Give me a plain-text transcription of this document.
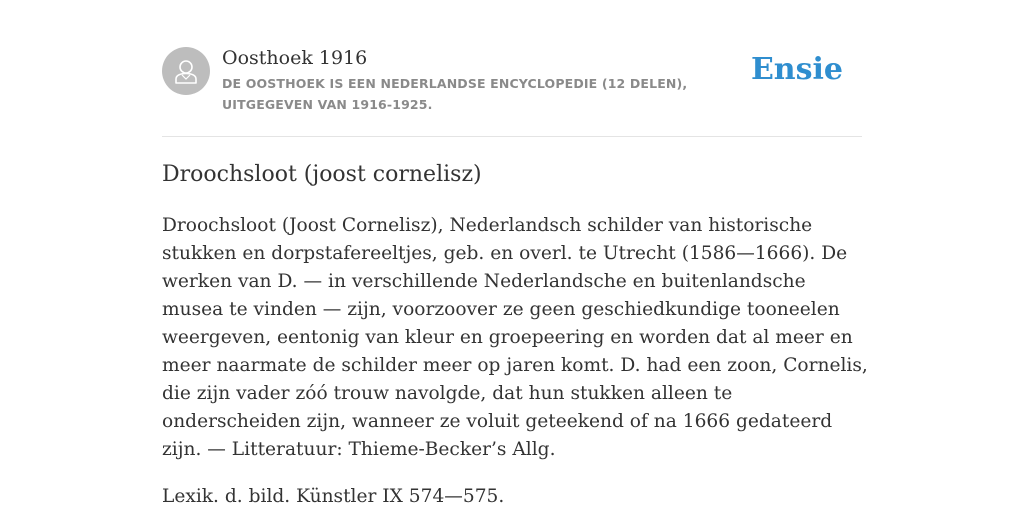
Oosthoek 1916
DE OOSTHOEK IS EEN NEDERLANDSE ENCYCLOPEDIE (12 DELEN), UITGEGEVEN VAN 1916-1925.
Ensie
Droochsloot (joost cornelisz)

Droochsloot (Joost Cornelisz), Nederlandsch schilder van historische stukken en dorpstafereeltjes, geb. en overl. te Utrecht (1586—1666). De werken van D. — in verschillende Nederlandsche en buitenlandsche musea te vinden — zijn, voorzoover ze geen geschiedkundige tooneelen weergeven, eentonig van kleur en groepeering en worden dat al meer en meer naarmate de schilder meer op jaren komt. D. had een zoon, Cornelis, die zijn vader zóó trouw navolgde, dat hun stukken alleen te onderscheiden zijn, wanneer ze voluit geteekend of na 1666 gedateerd zijn. — Litteratuur: Thieme-Becker’s Allg.

Lexik. d. bild. Künstler IX 574—575.
